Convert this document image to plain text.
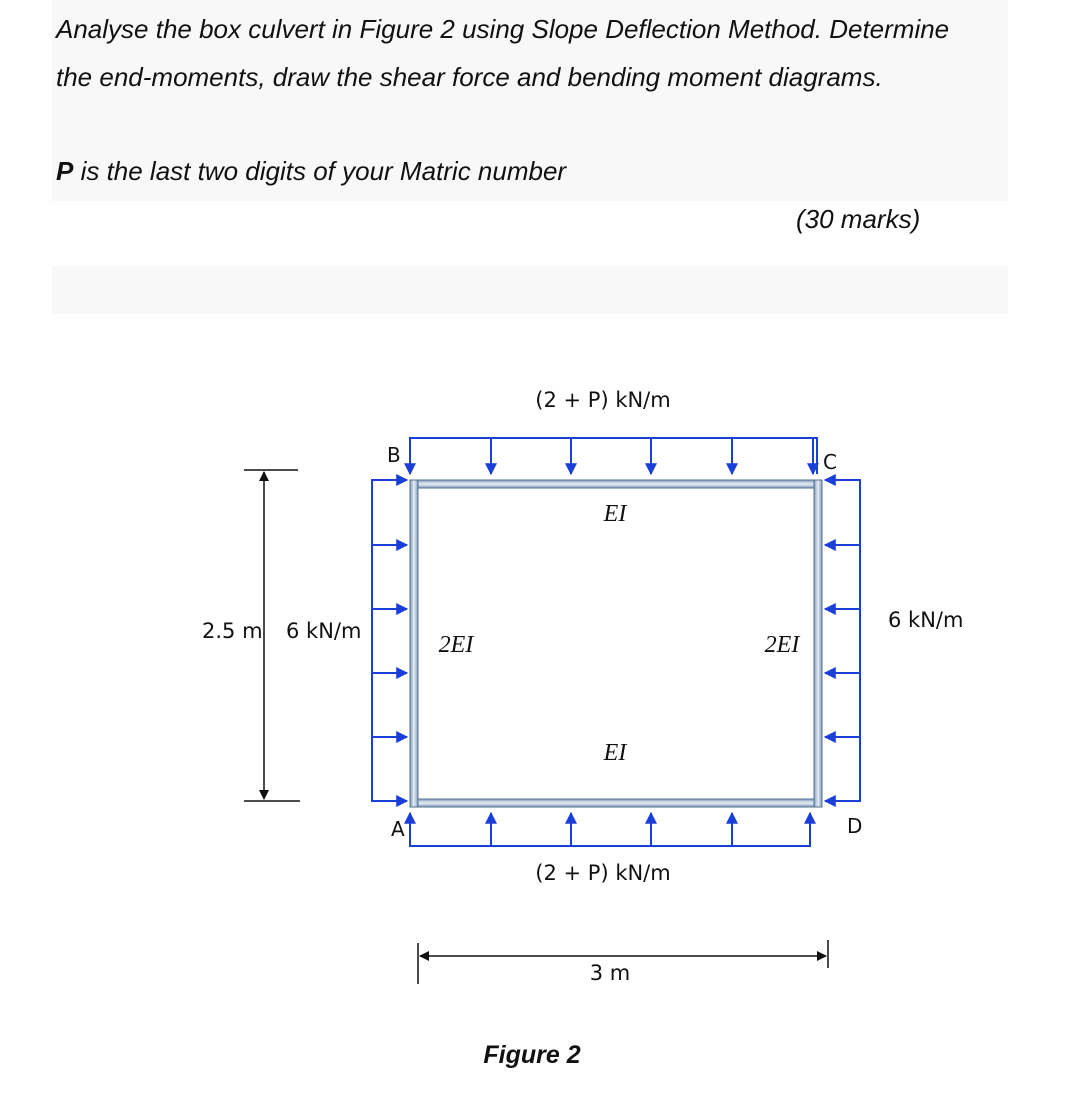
Analyse the box culvert in Figure 2 using Slope Deflection Method. Determine
the end-moments, draw the shear force and bending moment diagrams.
P is the last two digits of your Matric number
(30 marks)
(2 + P) kN/m
(2 + P) kN/m
6 kN/m	6 kN/m
2.5 m
3 m
EI
EI
2EI	2EI
A
B	C
D
Figure 2
